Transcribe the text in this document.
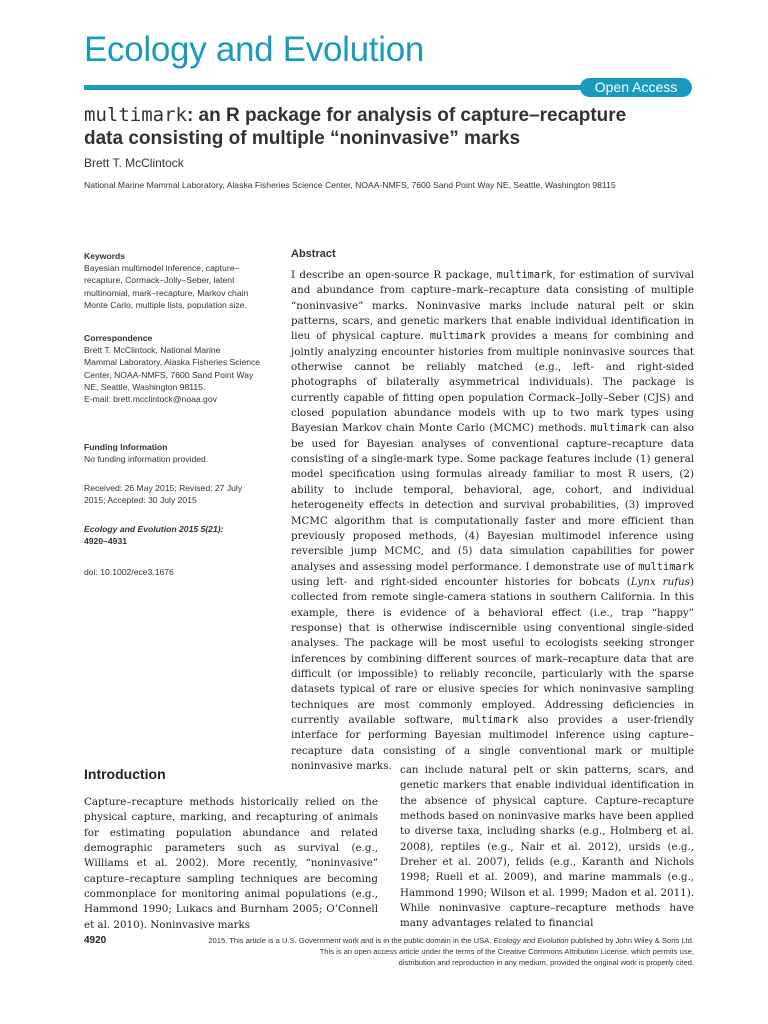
Ecology and Evolution
Open Access
multimark: an R package for analysis of capture–recapture
data consisting of multiple “noninvasive” marks
Brett T. McClintock
National Marine Mammal Laboratory, Alaska Fisheries Science Center, NOAA-NMFS, 7600 Sand Point Way NE, Seattle, Washington 98115
Keywords
Bayesian multimodel inference, capture–
recapture, Cormack–Jolly–Seber, latent
multinomial, mark–recapture, Markov chain
Monte Carlo, multiple lists, population size.
Correspondence
Brett T. McClintock, National Marine
Mammal Laboratory, Alaska Fisheries Science
Center, NOAA-NMFS, 7600 Sand Point Way
NE, Seattle, Washington 98115.
E-mail: brett.mcclintock@noaa.gov
Funding Information
No funding information provided.
Received: 26 May 2015; Revised: 27 July
2015; Accepted: 30 July 2015
Ecology and Evolution 2015 5(21):
4920–4931
doi: 10.1002/ece3.1676
Abstract
I describe an open-source R package, multimark, for estimation of survival and abundance from capture–mark–recapture data consisting of multiple “noninvasive” marks. Noninvasive marks include natural pelt or skin patterns, scars, and genetic markers that enable individual identification in lieu of physical capture. multimark provides a means for combining and jointly analyzing encounter histories from multiple noninvasive sources that otherwise cannot be reliably matched (e.g., left- and right-sided photographs of bilaterally asymmetrical individuals). The package is currently capable of fitting open population Cormack–Jolly–Seber (CJS) and closed population abundance models with up to two mark types using Bayesian Markov chain Monte Carlo (MCMC) methods. multimark can also be used for Bayesian analyses of conventional capture–recapture data consisting of a single-mark type. Some package features include (1) general model specification using formulas already familiar to most R users, (2) ability to include temporal, behavioral, age, cohort, and individual heterogeneity effects in detection and survival probabilities, (3) improved MCMC algorithm that is computationally faster and more efficient than previously proposed methods, (4) Bayesian multimodel inference using reversible jump MCMC, and (5) data simulation capabilities for power analyses and assessing model performance. I demonstrate use of multimark using left- and right-sided encounter histories for bobcats (Lynx rufus) collected from remote single-camera stations in southern California. In this example, there is evidence of a behavioral effect (i.e., trap “happy” response) that is otherwise indiscernible using conventional single-sided analyses. The package will be most useful to ecologists seeking stronger inferences by combining different sources of mark–recapture data that are difficult (or impossible) to reliably reconcile, particularly with the sparse datasets typical of rare or elusive species for which noninvasive sampling techniques are most commonly employed. Addressing deficiencies in currently available software, multimark also provides a user-friendly interface for performing Bayesian multimodel inference using capture–recapture data consisting of a single conventional mark or multiple noninvasive marks.
Introduction
Capture–recapture methods historically relied on the physical capture, marking, and recapturing of animals for estimating population abundance and related demographic parameters such as survival (e.g., Williams et al. 2002). More recently, “noninvasive” capture–recapture sampling techniques are becoming commonplace for monitoring animal populations (e.g., Hammond 1990; Lukacs and Burnham 2005; O’Connell et al. 2010). Noninvasive marks
can include natural pelt or skin patterns, scars, and genetic markers that enable individual identification in the absence of physical capture. Capture–recapture methods based on noninvasive marks have been applied to diverse taxa, including sharks (e.g., Holmberg et al. 2008), reptiles (e.g., Nair et al. 2012), ursids (e.g., Dreher et al. 2007), felids (e.g., Karanth and Nichols 1998; Ruell et al. 2009), and marine mammals (e.g., Hammond 1990; Wilson et al. 1999; Madon et al. 2011). While noninvasive capture–recapture methods have many advantages related to financial
4920	2015. This article is a U.S. Government work and is in the public domain in the USA. Ecology and Evolution published by John Wiley & Sons Ltd.
This is an open access article under the terms of the Creative Commons Attribution License, which permits use,
distribution and reproduction in any medium, provided the original work is properly cited.
